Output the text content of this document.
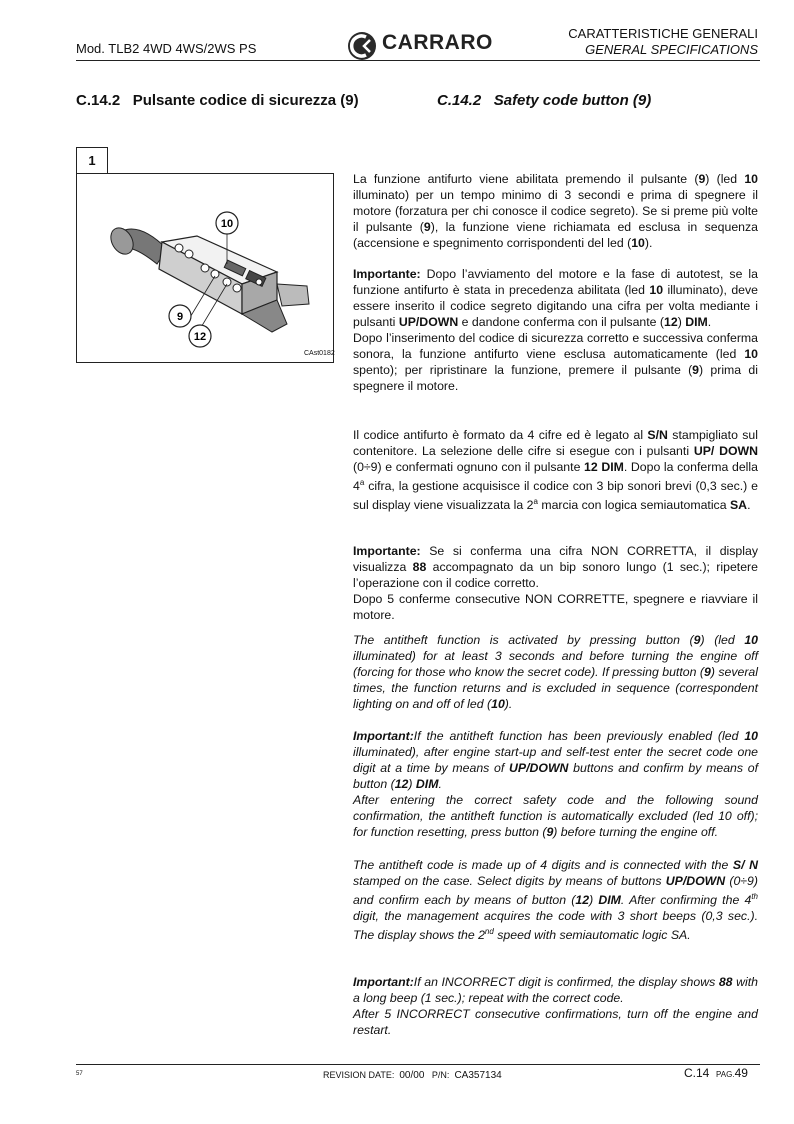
Mod. TLB2 4WD 4WS/2WS PS	CARRARO	CARATTERISTICHE GENERALI
GENERAL SPECIFICATIONS
C.14.2 Pulsante codice di sicurezza (9)	C.14.2 Safety code button (9)
1
10
9
12
CAst0182

La funzione antifurto viene abilitata premendo il pulsante (9) (led 10 illuminato) per un tempo minimo di 3 secondi e prima di spegnere il motore (forzatura per chi conosce il codice segreto). Se si preme più volte il pulsante (9), la funzione viene richiamata ed esclusa in sequenza (accensione e spegnimento corrispondenti del led (10).

Importante: Dopo l’avviamento del motore e la fase di autotest, se la funzione antifurto è stata in precedenza abilitata (led 10 illuminato), deve essere inserito il codice segreto digitando una cifra per volta mediante i pulsanti UP/DOWN e dandone conferma con il pulsante (12) DIM.

Dopo l’inserimento del codice di sicurezza corretto e successiva conferma sonora, la funzione antifurto viene esclusa automaticamente (led 10 spento); per ripristinare la funzione, premere il pulsante (9) prima di spegnere il motore.

Il codice antifurto è formato da 4 cifre ed è legato al S/N stampigliato sul contenitore. La selezione delle cifre si esegue con i pulsanti UP/ DOWN (0÷9) e confermati ognuno con il pulsante 12 DIM. Dopo la conferma della 4$^a$ cifra, la gestione acquisisce il codice con 3 bip sonori brevi (0,3 sec.) e sul display viene visualizzata la 2$^a$ marcia con logica semiautomatica SA.

Importante: Se si conferma una cifra NON CORRETTA, il display visualizza 88 accompagnato da un bip sonoro lungo (1 sec.); ripetere l’operazione con il codice corretto.

Dopo 5 conferme consecutive NON CORRETTE, spegnere e riavviare il motore.

The antitheft function is activated by pressing button (9) (led 10 illuminated) for at least 3 seconds and before turning the engine off (forcing for those who know the secret code). If pressing button (9) several times, the function returns and is excluded in sequence (correspondent lighting on and off of led (10).

Important:If the antitheft function has been previously enabled (led 10 illuminated), after engine start-up and self-test enter the secret code one digit at a time by means of UP/DOWN buttons and confirm by means of button (12) DIM.

After entering the correct safety code and the following sound confirmation, the antitheft function is automatically excluded (led 10 off); for function resetting, press button (9) before turning the engine off.

The antitheft code is made up of 4 digits and is connected with the S/ N stamped on the case. Select digits by means of buttons UP/DOWN (0÷9) and confirm each by means of button (12) DIM. After confirming the 4th digit, the management acquires the code with 3 short beeps (0,3 sec.). The display shows the 2nd speed with semiautomatic logic SA.

Important:If an INCORRECT digit is confirmed, the display shows 88 with a long beep (1 sec.); repeat with the correct code.

After 5 INCORRECT consecutive confirmations, turn off the engine and restart.

57	REVISION DATE: 00/00 P/N: CA357134	C.14 PAG.49
